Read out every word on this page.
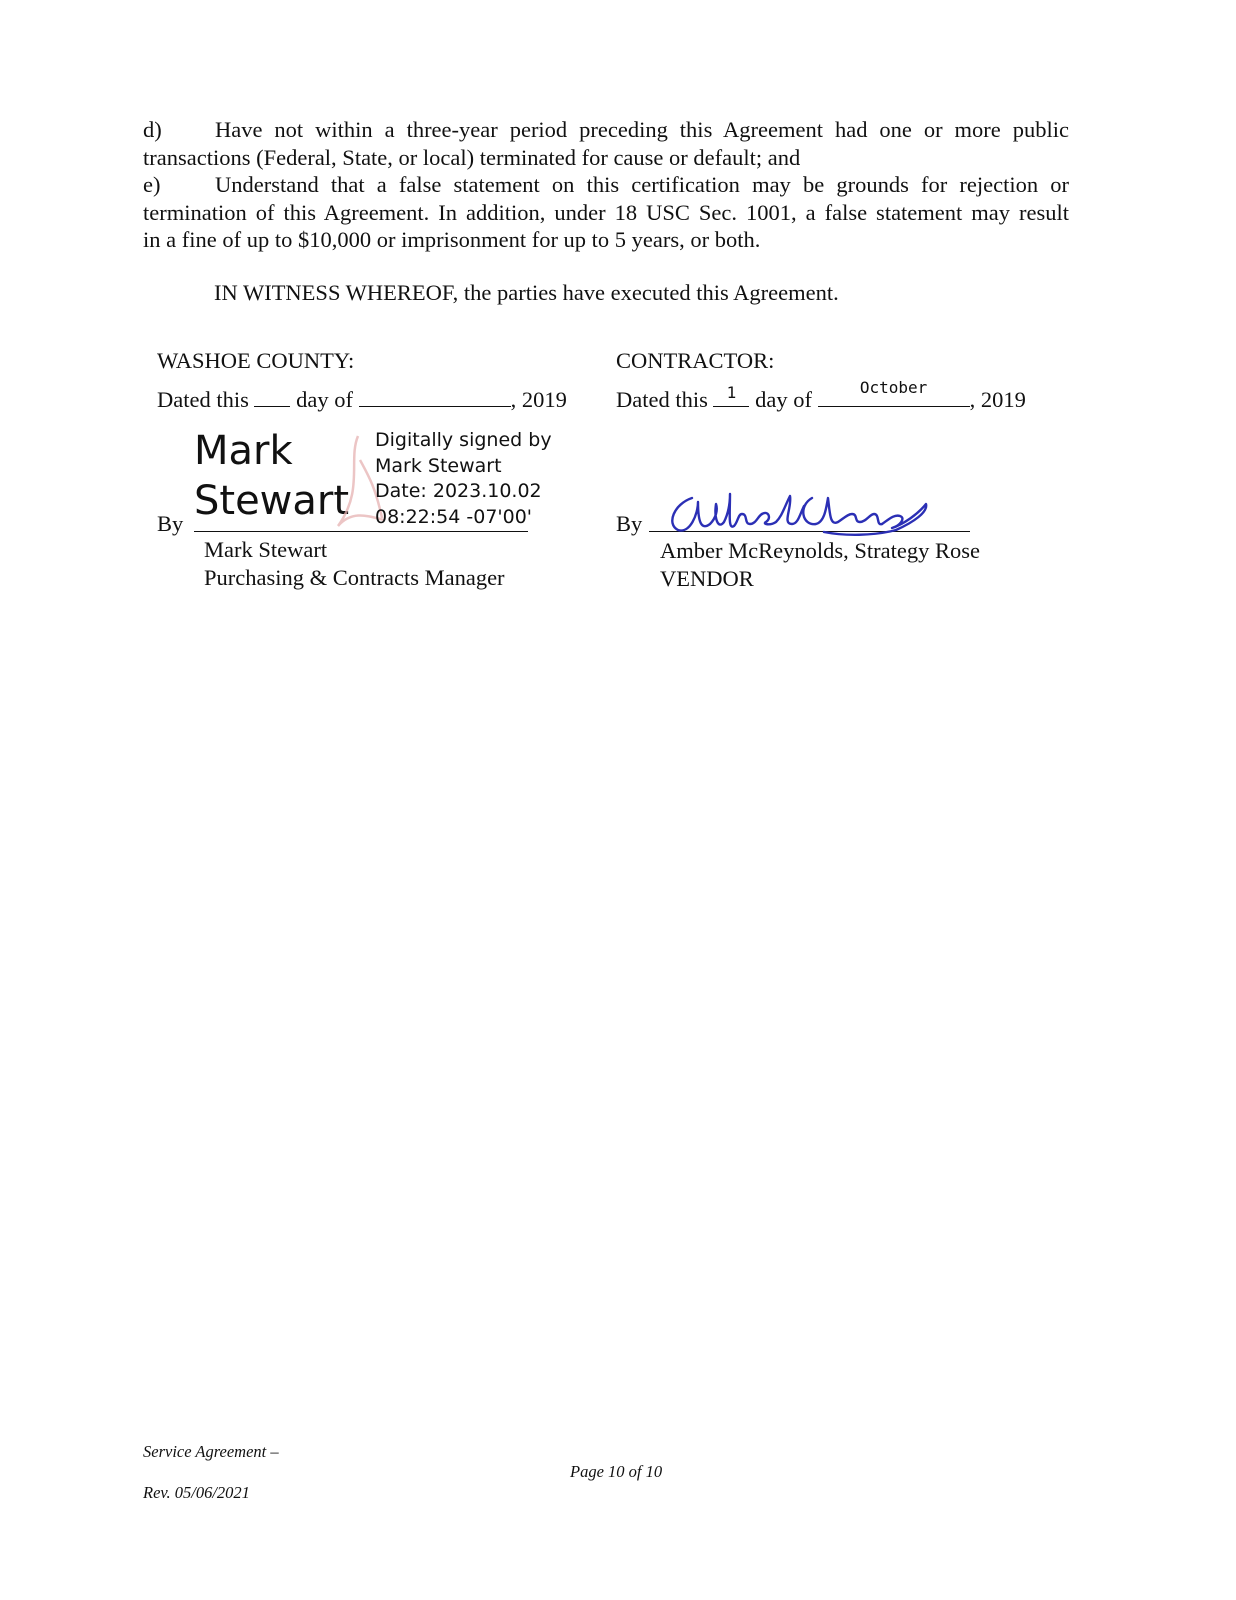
d)	Have not within a three-year period preceding this Agreement had one or more public
transactions (Federal, State, or local) terminated for cause or default; and
e)	Understand that a false statement on this certification may be grounds for rejection or
termination of this Agreement. In addition, under 18 USC Sec. 1001, a false statement may result
in a fine of up to $10,000 or imprisonment for up to 5 years, or both.
IN WITNESS WHEREOF, the parties have executed this Agreement.
WASHOE COUNTY:
Dated this day of	, 2019
Mark
Stewart
Digitally signed by
Mark Stewart
Date: 2023.10.02
08:22:54 -07'00'
By
Mark Stewart
Purchasing & Contracts Manager
CONTRACTOR:
Dated this	1 day of	October	, 2019
By
Amber McReynolds, Strategy Rose
VENDOR
Service Agreement –
Page 10 of 10
Rev. 05/06/2021
